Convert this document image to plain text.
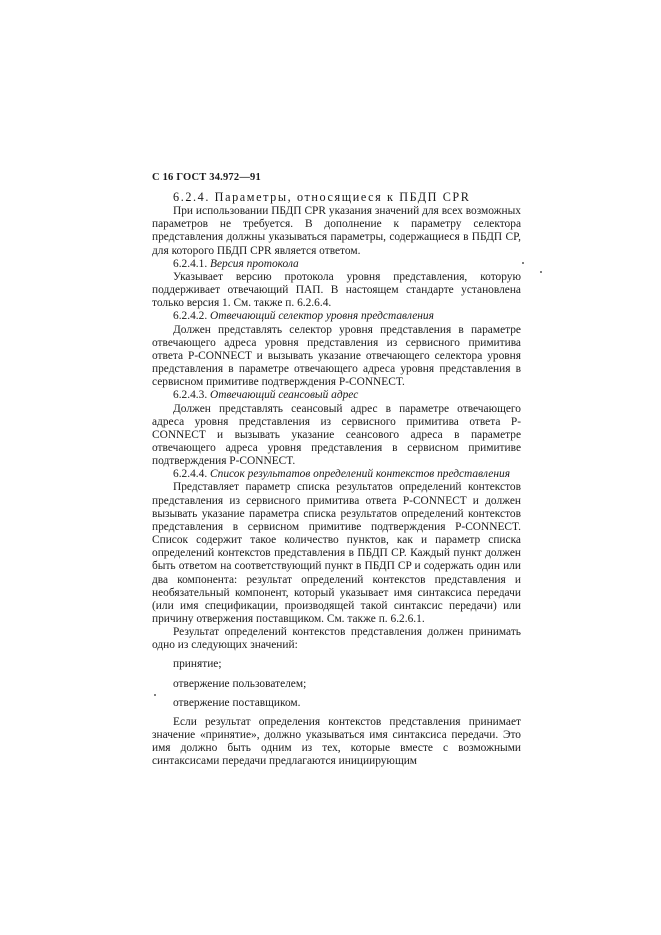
С 16 ГОСТ 34.972—91

6.2.4. Параметры, относящиеся к ПБДП CPR

При использовании ПБДП CPR указания значений для всех возможных параметров не требуется. В дополнение к параметру селектора представления должны указываться параметры, содержащиеся в ПБДП CP, для которого ПБДП CPR является ответом.

6.2.4.1. Версия протокола

Указывает версию протокола уровня представления, которую поддерживает отвечающий ПАП. В настоящем стандарте установлена только версия 1. См. также п. 6.2.6.4.

6.2.4.2. Отвечающий селектор уровня представления

Должен представлять селектор уровня представления в параметре отвечающего адреса уровня представления из сервисного примитива ответа P-CONNECT и вызывать указание отвечающего селектора уровня представления в параметре отвечающего адреса уровня представления в сервисном примитиве подтверждения P-CONNECT.

6.2.4.3. Отвечающий сеансовый адрес

Должен представлять сеансовый адрес в параметре отвечающего адреса уровня представления из сервисного примитива ответа P-CONNECT и вызывать указание сеансового адреса в параметре отвечающего адреса уровня представления в сервисном примитиве подтверждения P-CONNECT.

6.2.4.4. Список результатов определений контекстов представления

Представляет параметр списка результатов определений контекстов представления из сервисного примитива ответа P-CONNECT и должен вызывать указание параметра списка результатов определений контекстов представления в сервисном примитиве подтверждения P-CONNECT. Список содержит такое количество пунктов, как и параметр списка определений контекстов представления в ПБДП CP. Каждый пункт должен быть ответом на соответствующий пункт в ПБДП CP и содержать один или два компонента: результат определений контекстов представления и необязательный компонент, который указывает имя синтаксиса передачи (или имя спецификации, производящей такой синтаксис передачи) или причину отвержения поставщиком. См. также п. 6.2.6.1.

Результат определений контекстов представления должен принимать одно из следующих значений:

принятие;

отвержение пользователем;

отвержение поставщиком.

Если результат определения контекстов представления принимает значение «принятие», должно указываться имя синтаксиса передачи. Это имя должно быть одним из тех, которые вместе с возможными синтаксисами передачи предлагаются инициирующим
